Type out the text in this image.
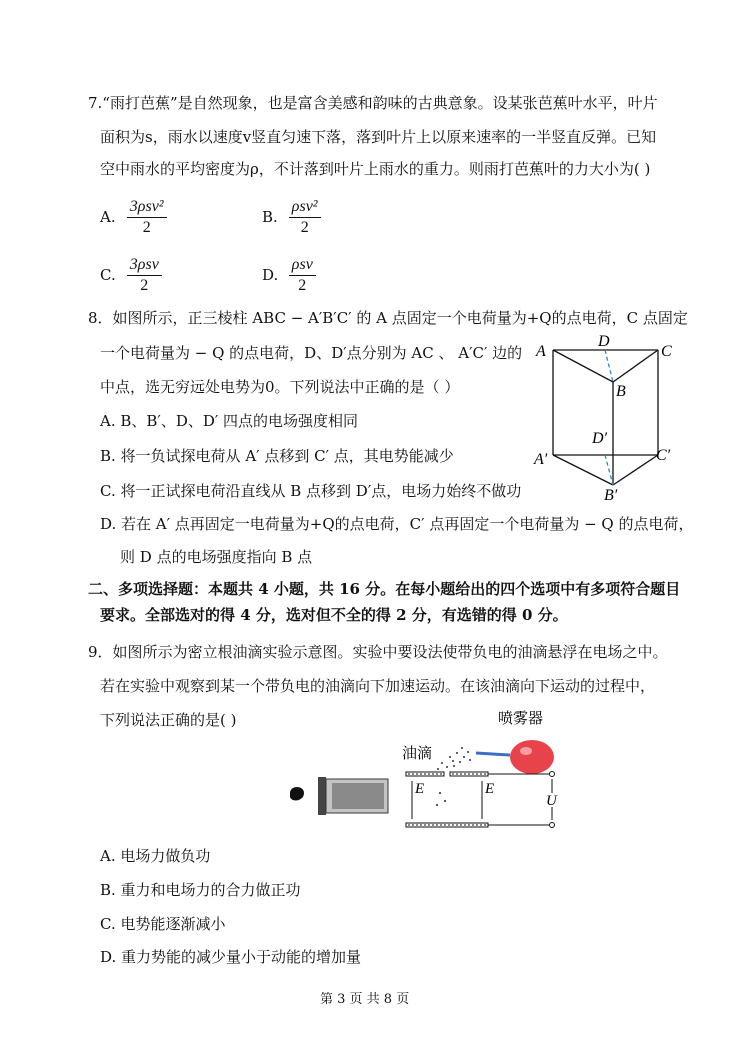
7.“雨打芭蕉”是自然现象，也是富含美感和韵味的古典意象。设某张芭蕉叶水平，叶片
面积为s，雨水以速度v竖直匀速下落，落到叶片上以原来速率的一半竖直反弹。已知
空中雨水的平均密度为ρ，不计落到叶片上雨水的重力。则雨打芭蕉叶的力大小为( )
A. $\frac{\text{3ρsv²}}{2}$	B. $\frac{\text{ρsv²}}{2}$
C. $\frac{\text{3ρsv}}{2}$	D. $\frac{\text{ρsv}}{2}$
8．如图所示，正三棱柱 ABC − A′B′C′ 的 A 点固定一个电荷量为+Q的点电荷，C 点固定
一个电荷量为 − Q 的点电荷，D、D′点分别为 AC 、 A′C′ 边的
中点，选无穷远处电势为0。下列说法中正确的是（ ）
A. B、B′、D、D′ 四点的电场强度相同
B. 将一负试探电荷从 A′ 点移到 C′ 点，其电势能减少
C. 将一正试探电荷沿直线从 B 点移到 D′点，电场力始终不做功
D. 若在 A′ 点再固定一电荷量为+Q的点电荷，C′ 点再固定一个电荷量为 − Q 的点电荷，
则 D 点的电场强度指向 B 点
A
D
C
B
D′
A′	C′
B′
二、多项选择题：本题共 4 小题，共 16 分。在每小题给出的四个选项中有多项符合题目
要求。全部选对的得 4 分，选对但不全的得 2 分，有选错的得 0 分。
9．如图所示为密立根油滴实验示意图。实验中要设法使带负电的油滴悬浮在电场之中。
若在实验中观察到某一个带负电的油滴向下加速运动。在该油滴向下运动的过程中，
下列说法正确的是( )	喷雾器
油滴
U
E	E
A. 电场力做负功
B. 重力和电场力的合力做正功
C. 电势能逐渐减小
D. 重力势能的减少量小于动能的增加量
第 3 页 共 8 页
